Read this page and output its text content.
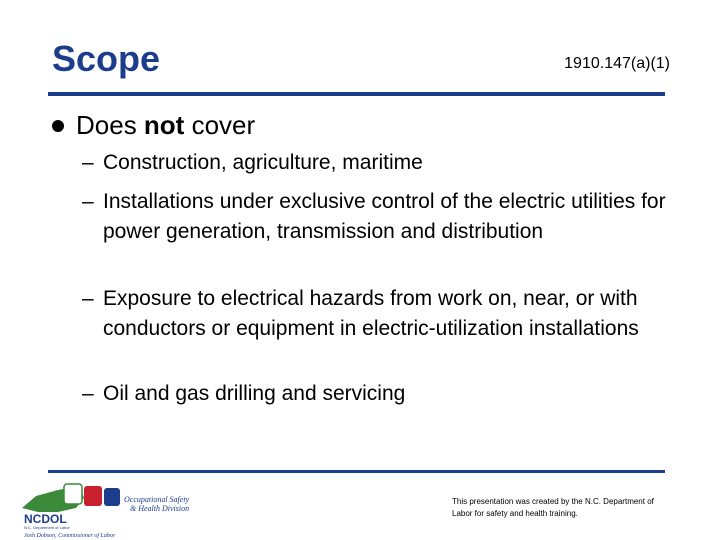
Scope	1910.147(a)(1)
Does not cover
– Construction, agriculture, maritime
– Installations under exclusive control of the electric utilities for power generation, transmission and distribution
– Exposure to electrical hazards from work on, near, or with conductors or equipment in electric-utilization installations
– Oil and gas drilling and servicing
NCDOL
N.C. Department of Labor
Occupational Safety
& Health Division
Josh Dobson, Commissioner of Labor
This presentation was created by the N.C. Department of Labor for safety and health training.
